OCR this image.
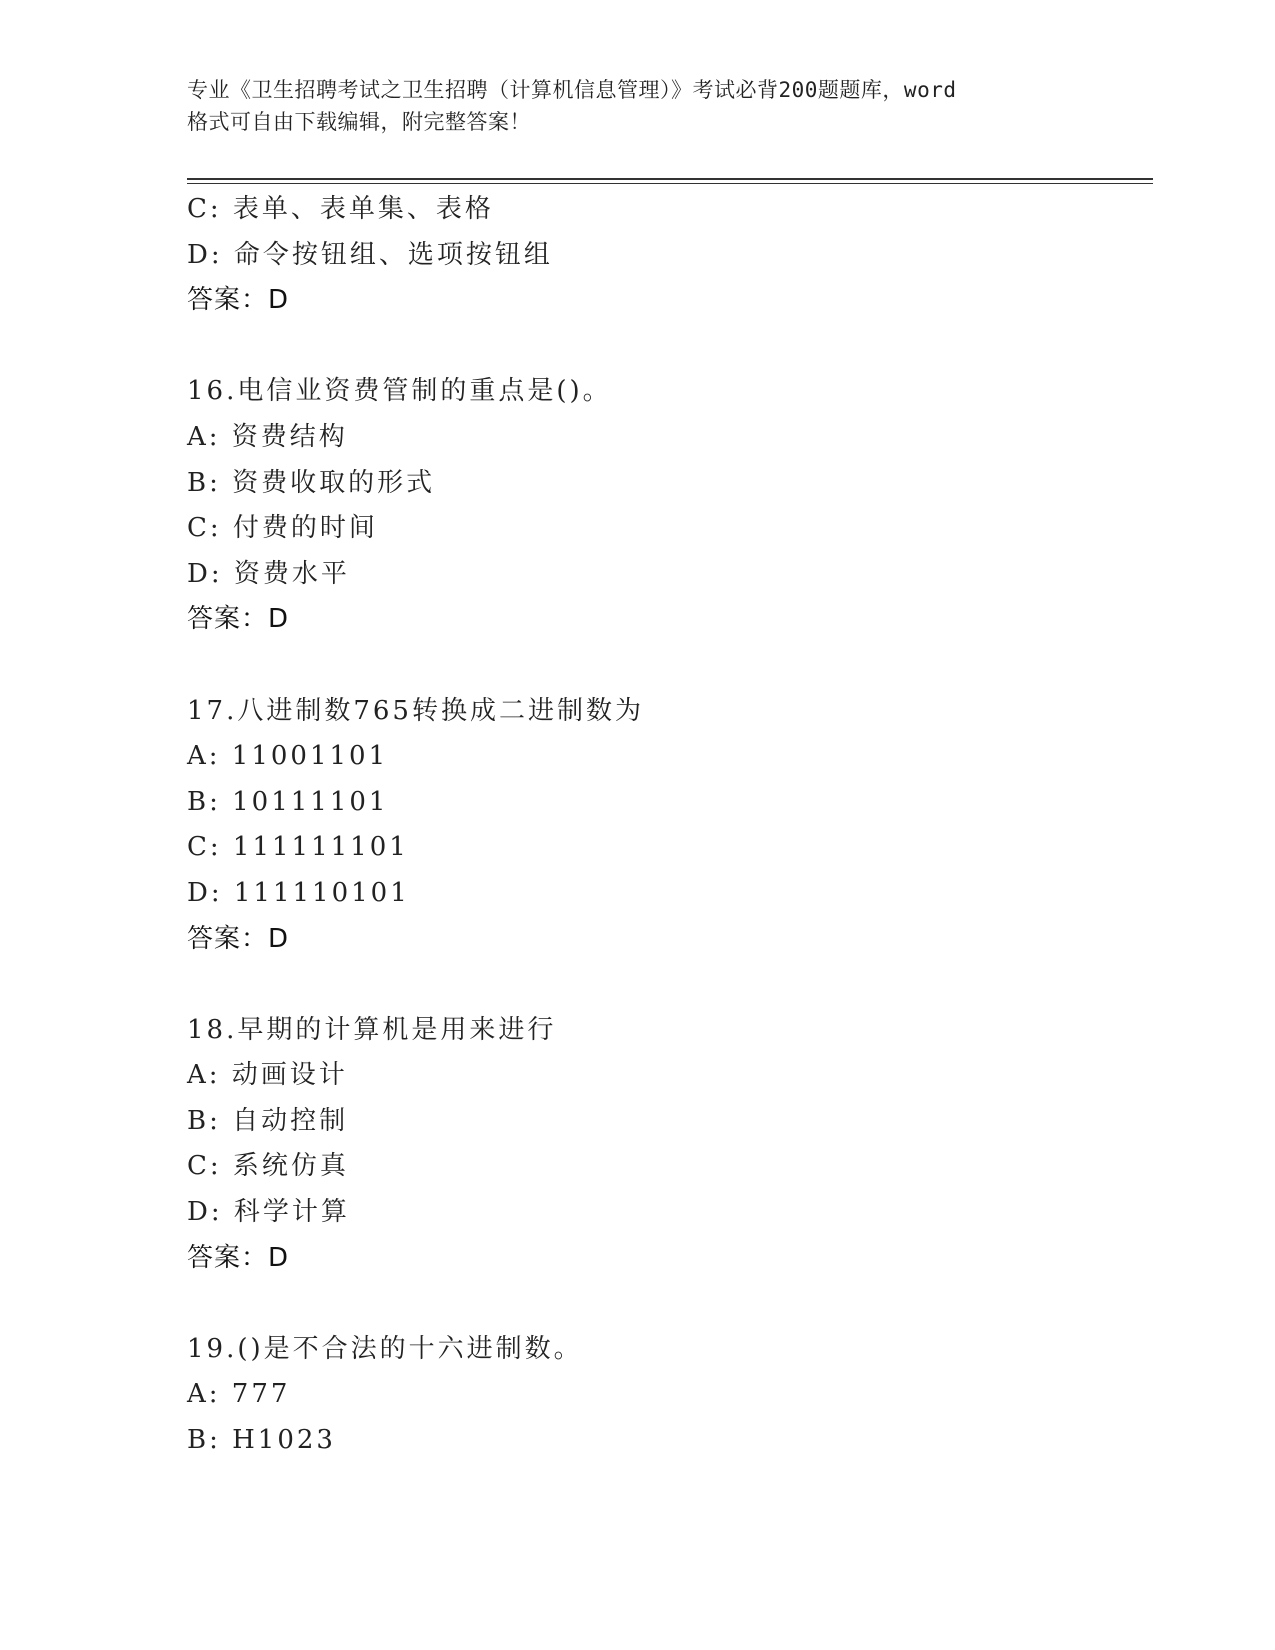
专业《卫生招聘考试之卫生招聘（计算机信息管理）》考试必背200题题库，word
格式可自由下载编辑，附完整答案！
C: 表单、表单集、表格
D: 命令按钮组、选项按钮组
答案：D
16.电信业资费管制的重点是()。
A: 资费结构
B: 资费收取的形式
C: 付费的时间
D: 资费水平
答案：D
17.八进制数765转换成二进制数为
A: 11001101
B: 10111101
C: 111111101
D: 111110101
答案：D
18.早期的计算机是用来进行
A: 动画设计
B: 自动控制
C: 系统仿真
D: 科学计算
答案：D
19.()是不合法的十六进制数。
A: 777
B: H1023
